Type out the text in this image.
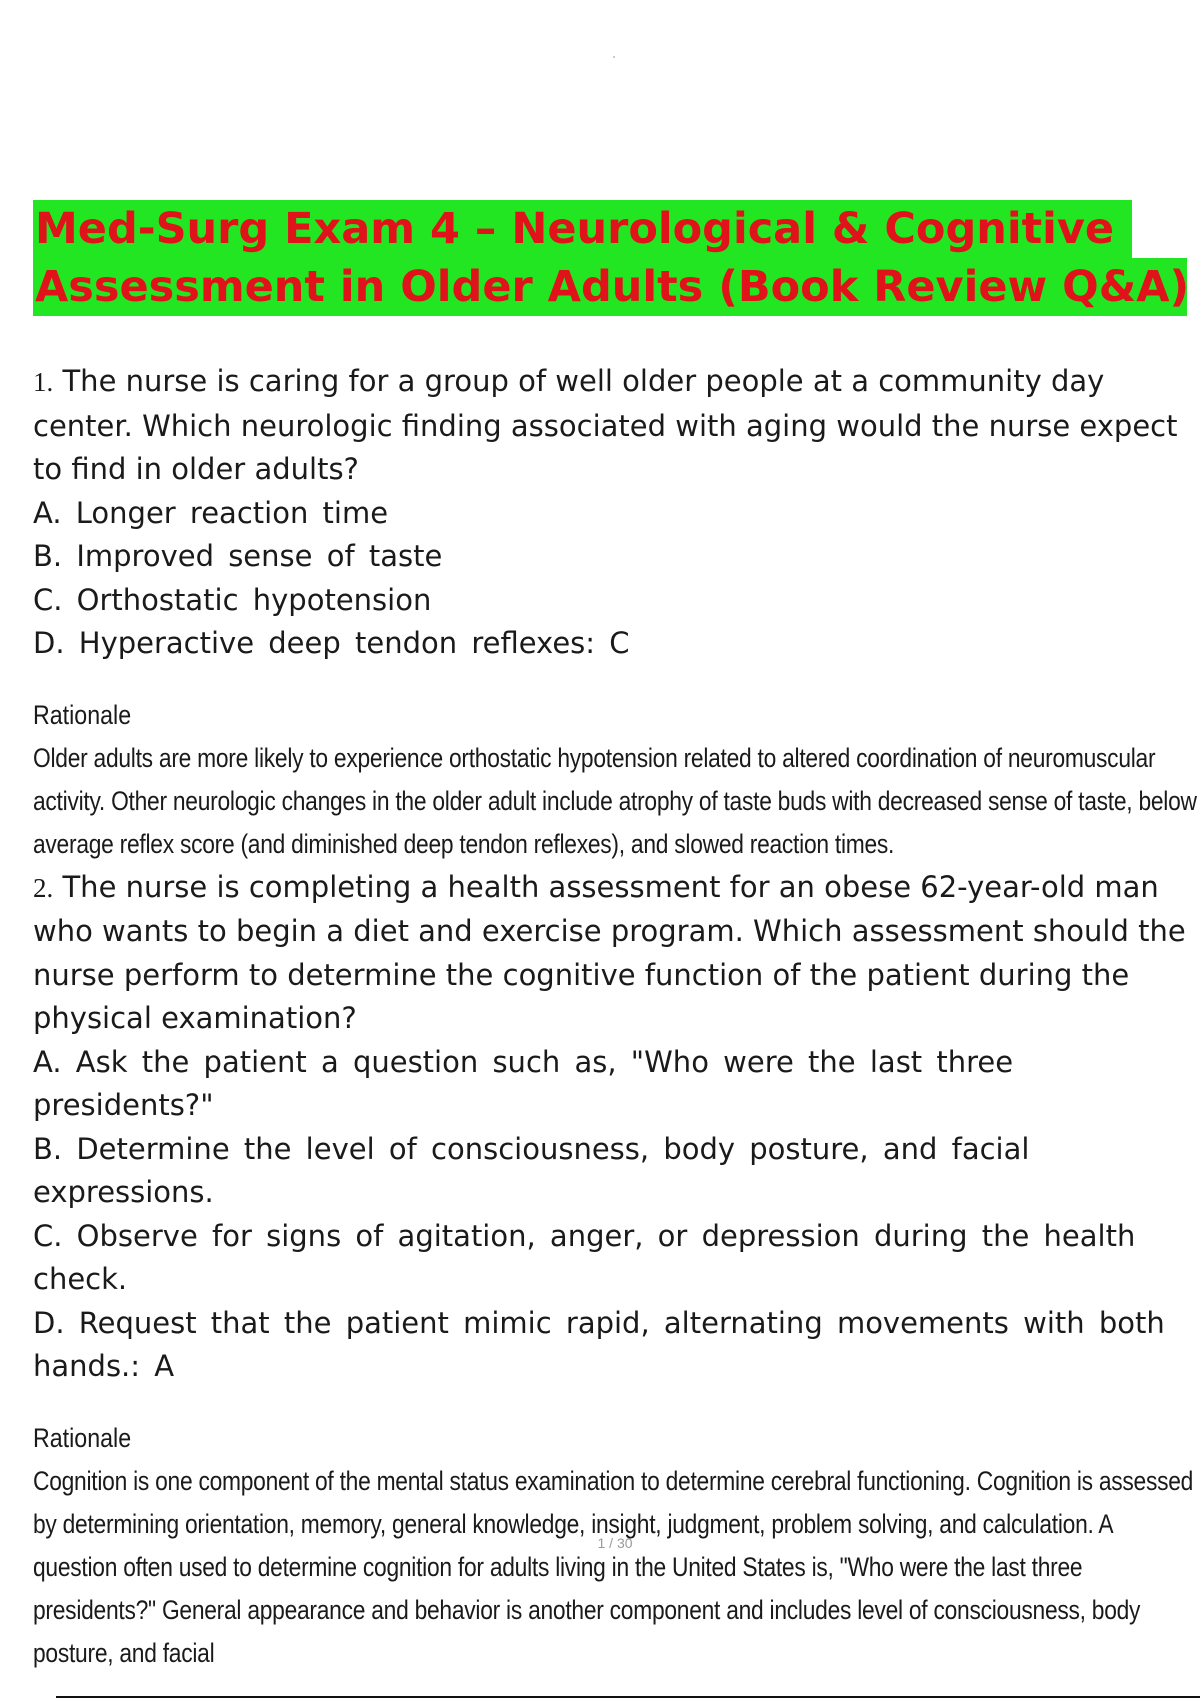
Med-Surg Exam 4 – Neurological & Cognitive
Assessment in Older Adults (Book Review Q&A)
1. The nurse is caring for a group of well older people at a community day center. Which neurologic finding associated with aging would the nurse expect to find in older adults?
A. Longer reaction time
B. Improved sense of taste
C. Orthostatic hypotension
D. Hyperactive deep tendon reflexes: C
Rationale
Older adults are more likely to experience orthostatic hypotension related to altered coordination of neuromuscular activity. Other neurologic changes in the older adult include atrophy of taste buds with decreased sense of taste, below average reflex score (and diminished deep tendon reflexes), and slowed reaction times.
2. The nurse is completing a health assessment for an obese 62-year-old man who wants to begin a diet and exercise program. Which assessment should the nurse perform to determine the cognitive function of the patient during the physical examination?
A. Ask the patient a question such as, "Who were the last three presidents?"
B. Determine the level of consciousness, body posture, and facial expressions.
C. Observe for signs of agitation, anger, or depression during the health check.
D. Request that the patient mimic rapid, alternating movements with both hands.: A
Rationale
Cognition is one component of the mental status examination to determine cerebral functioning. Cognition is assessed by determining orientation, memory, general knowledge, insight, judgment, problem solving, and calculation. A question often used to determine cognition for adults living in the United States is, "Who were the last three presidents?" General appearance and behavior is another component and includes level of consciousness, body posture, and facial
1 / 30
